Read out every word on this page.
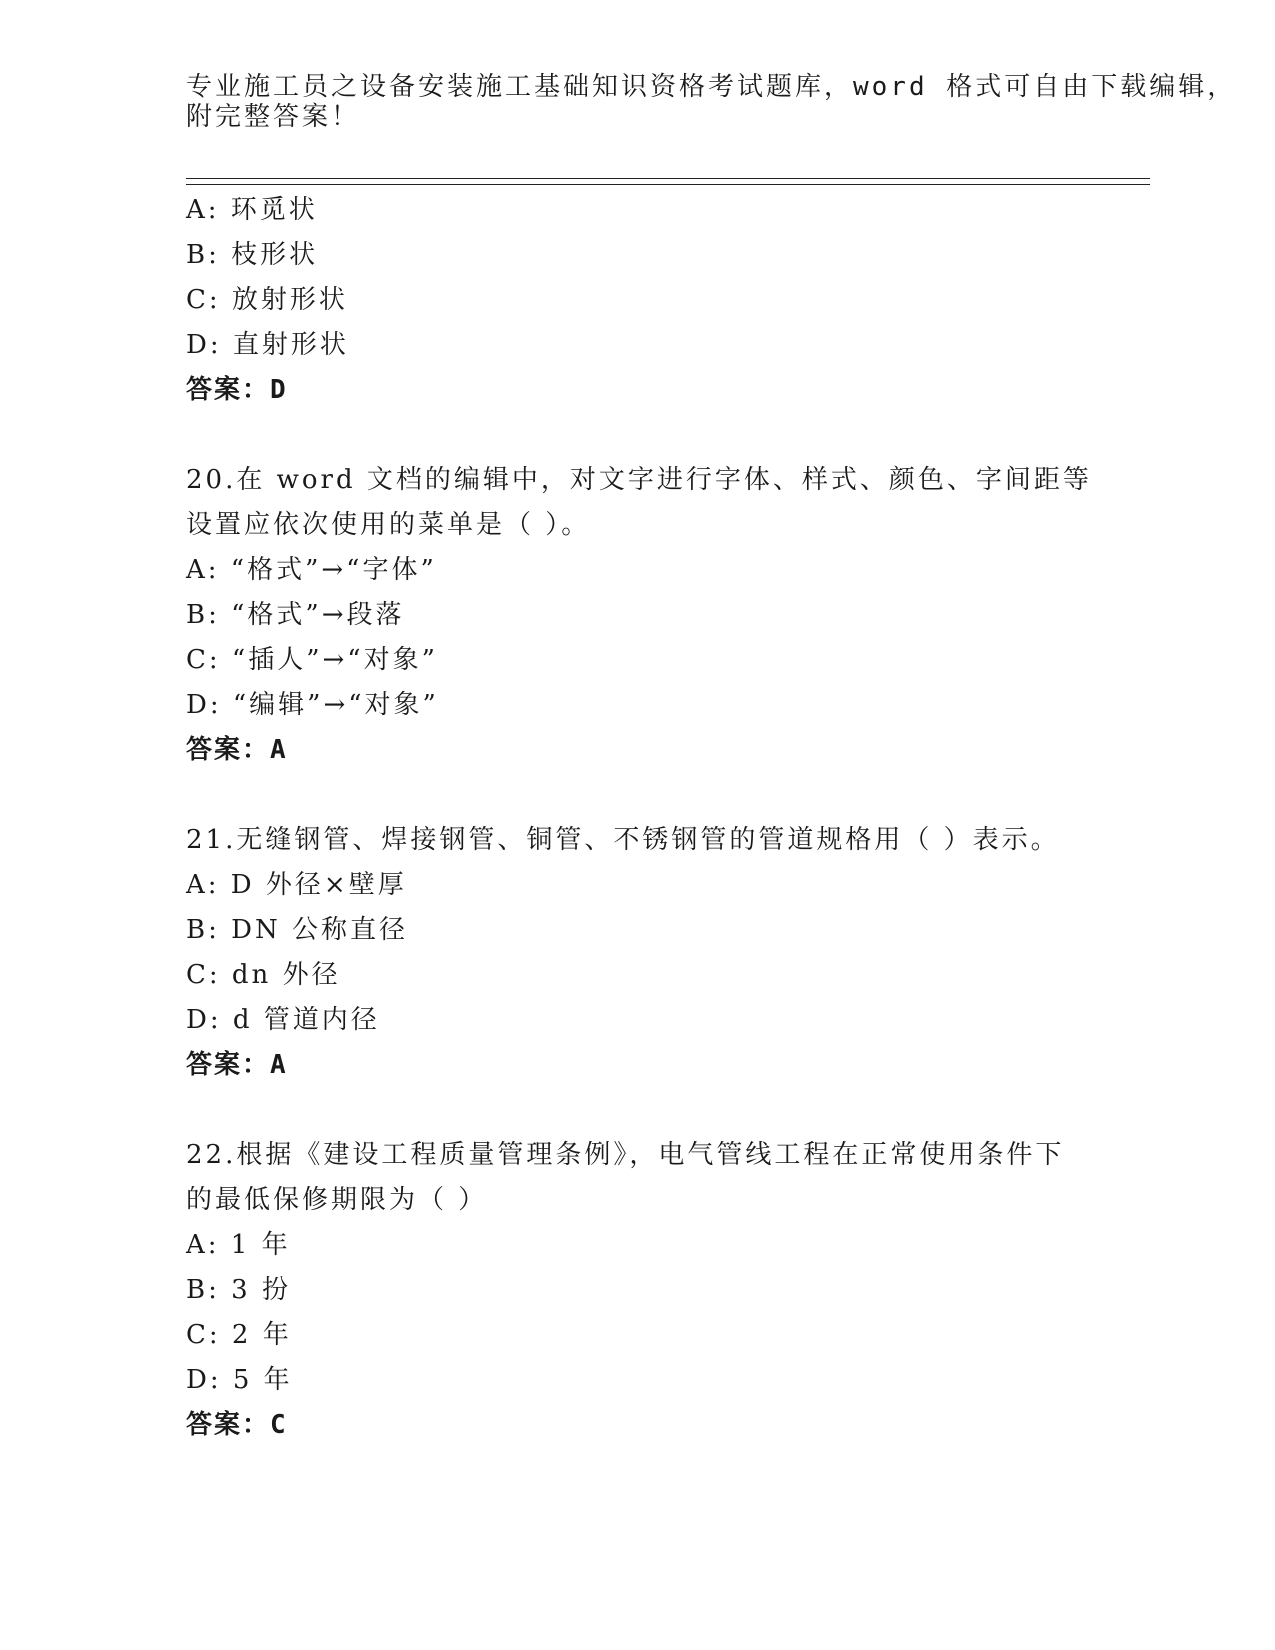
专业施工员之设备安装施工基础知识资格考试题库，word 格式可自由下载编辑，
附完整答案！
A: 环觅状
B: 枝形状
C: 放射形状
D: 直射形状
答案：D
20.在 word 文档的编辑中，对文字进行字体、样式、颜色、字间距等
设置应依次使用的菜单是（ ）。
A: “格式”→“字体”
B: “格式”→段落
C: “插人”→“对象”
D: “编辑”→“对象”
答案：A
21.无缝钢管、焊接钢管、铜管、不锈钢管的管道规格用（ ）表示。
A: D 外径×壁厚
B: DN 公称直径
C: dn 外径
D: d 管道内径
答案：A
22.根据《建设工程质量管理条例》，电气管线工程在正常使用条件下
的最低保修期限为（ ）
A: 1 年
B: 3 扮
C: 2 年
D: 5 年
答案：C
